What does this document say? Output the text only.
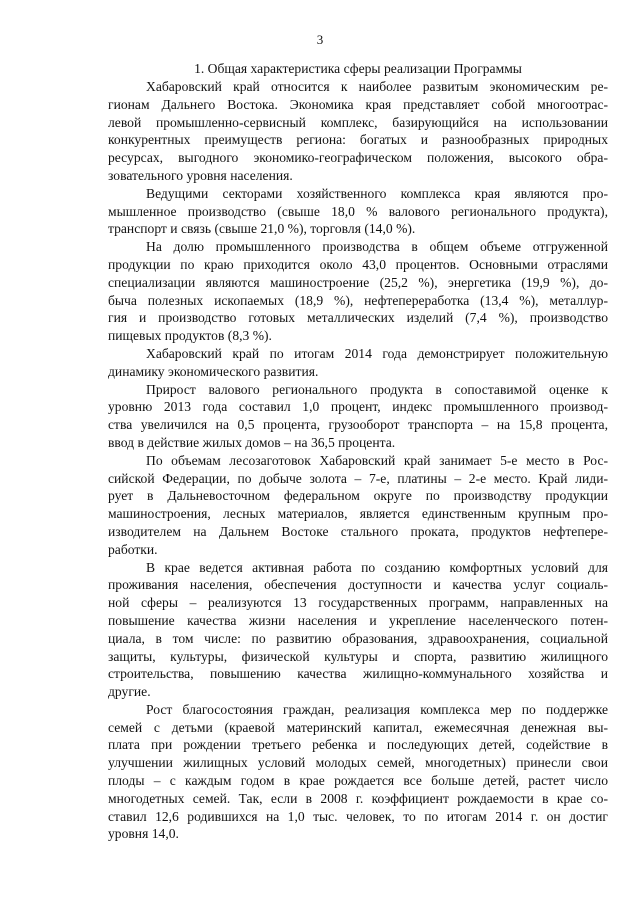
3
1. Общая характеристика сферы реализации Программы

Хабаровский край относится к наиболее развитым экономическим ре-
гионам Дальнего Востока. Экономика края представляет собой многоотрас-
левой промышленно-сервисный комплекс, базирующийся на использовании
конкурентных преимуществ региона: богатых и разнообразных природных
ресурсах, выгодного экономико-географическом положения, высокого обра-
зовательного уровня населения.

Ведущими секторами хозяйственного комплекса края являются про-
мышленное производство (свыше 18,0 % валового регионального продукта),
транспорт и связь (свыше 21,0 %), торговля (14,0 %).

На долю промышленного производства в общем объеме отгруженной
продукции по краю приходится около 43,0 процентов. Основными отраслями
специализации являются машиностроение (25,2 %), энергетика (19,9 %), до-
быча полезных ископаемых (18,9 %), нефтепереработка (13,4 %), металлур-
гия и производство готовых металлических изделий (7,4 %), производство
пищевых продуктов (8,3 %).

Хабаровский край по итогам 2014 года демонстрирует положительную
динамику экономического развития.

Прирост валового регионального продукта в сопоставимой оценке к
уровню 2013 года составил 1,0 процент, индекс промышленного производ-
ства увеличился на 0,5 процента, грузооборот транспорта – на 15,8 процента,
ввод в действие жилых домов – на 36,5 процента.

По объемам лесозаготовок Хабаровский край занимает 5-е место в Рос-
сийской Федерации, по добыче золота – 7-е, платины – 2-е место. Край лиди-
рует в Дальневосточном федеральном округе по производству продукции
машиностроения, лесных материалов, является единственным крупным про-
изводителем на Дальнем Востоке стального проката, продуктов нефтепере-
работки.

В крае ведется активная работа по созданию комфортных условий для
проживания населения, обеспечения доступности и качества услуг социаль-
ной сферы – реализуются 13 государственных программ, направленных на
повышение качества жизни населения и укрепление населенческого потен-
циала, в том числе: по развитию образования, здравоохранения, социальной
защиты, культуры, физической культуры и спорта, развитию жилищного
строительства, повышению качества жилищно-коммунального хозяйства и
другие.

Рост благосостояния граждан, реализация комплекса мер по поддержке
семей с детьми (краевой материнский капитал, ежемесячная денежная вы-
плата при рождении третьего ребенка и последующих детей, содействие в
улучшении жилищных условий молодых семей, многодетных) принесли свои
плоды – с каждым годом в крае рождается все больше детей, растет число
многодетных семей. Так, если в 2008 г. коэффициент рождаемости в крае со-
ставил 12,6 родившихся на 1,0 тыс. человек, то по итогам 2014 г. он достиг
уровня 14,0.
